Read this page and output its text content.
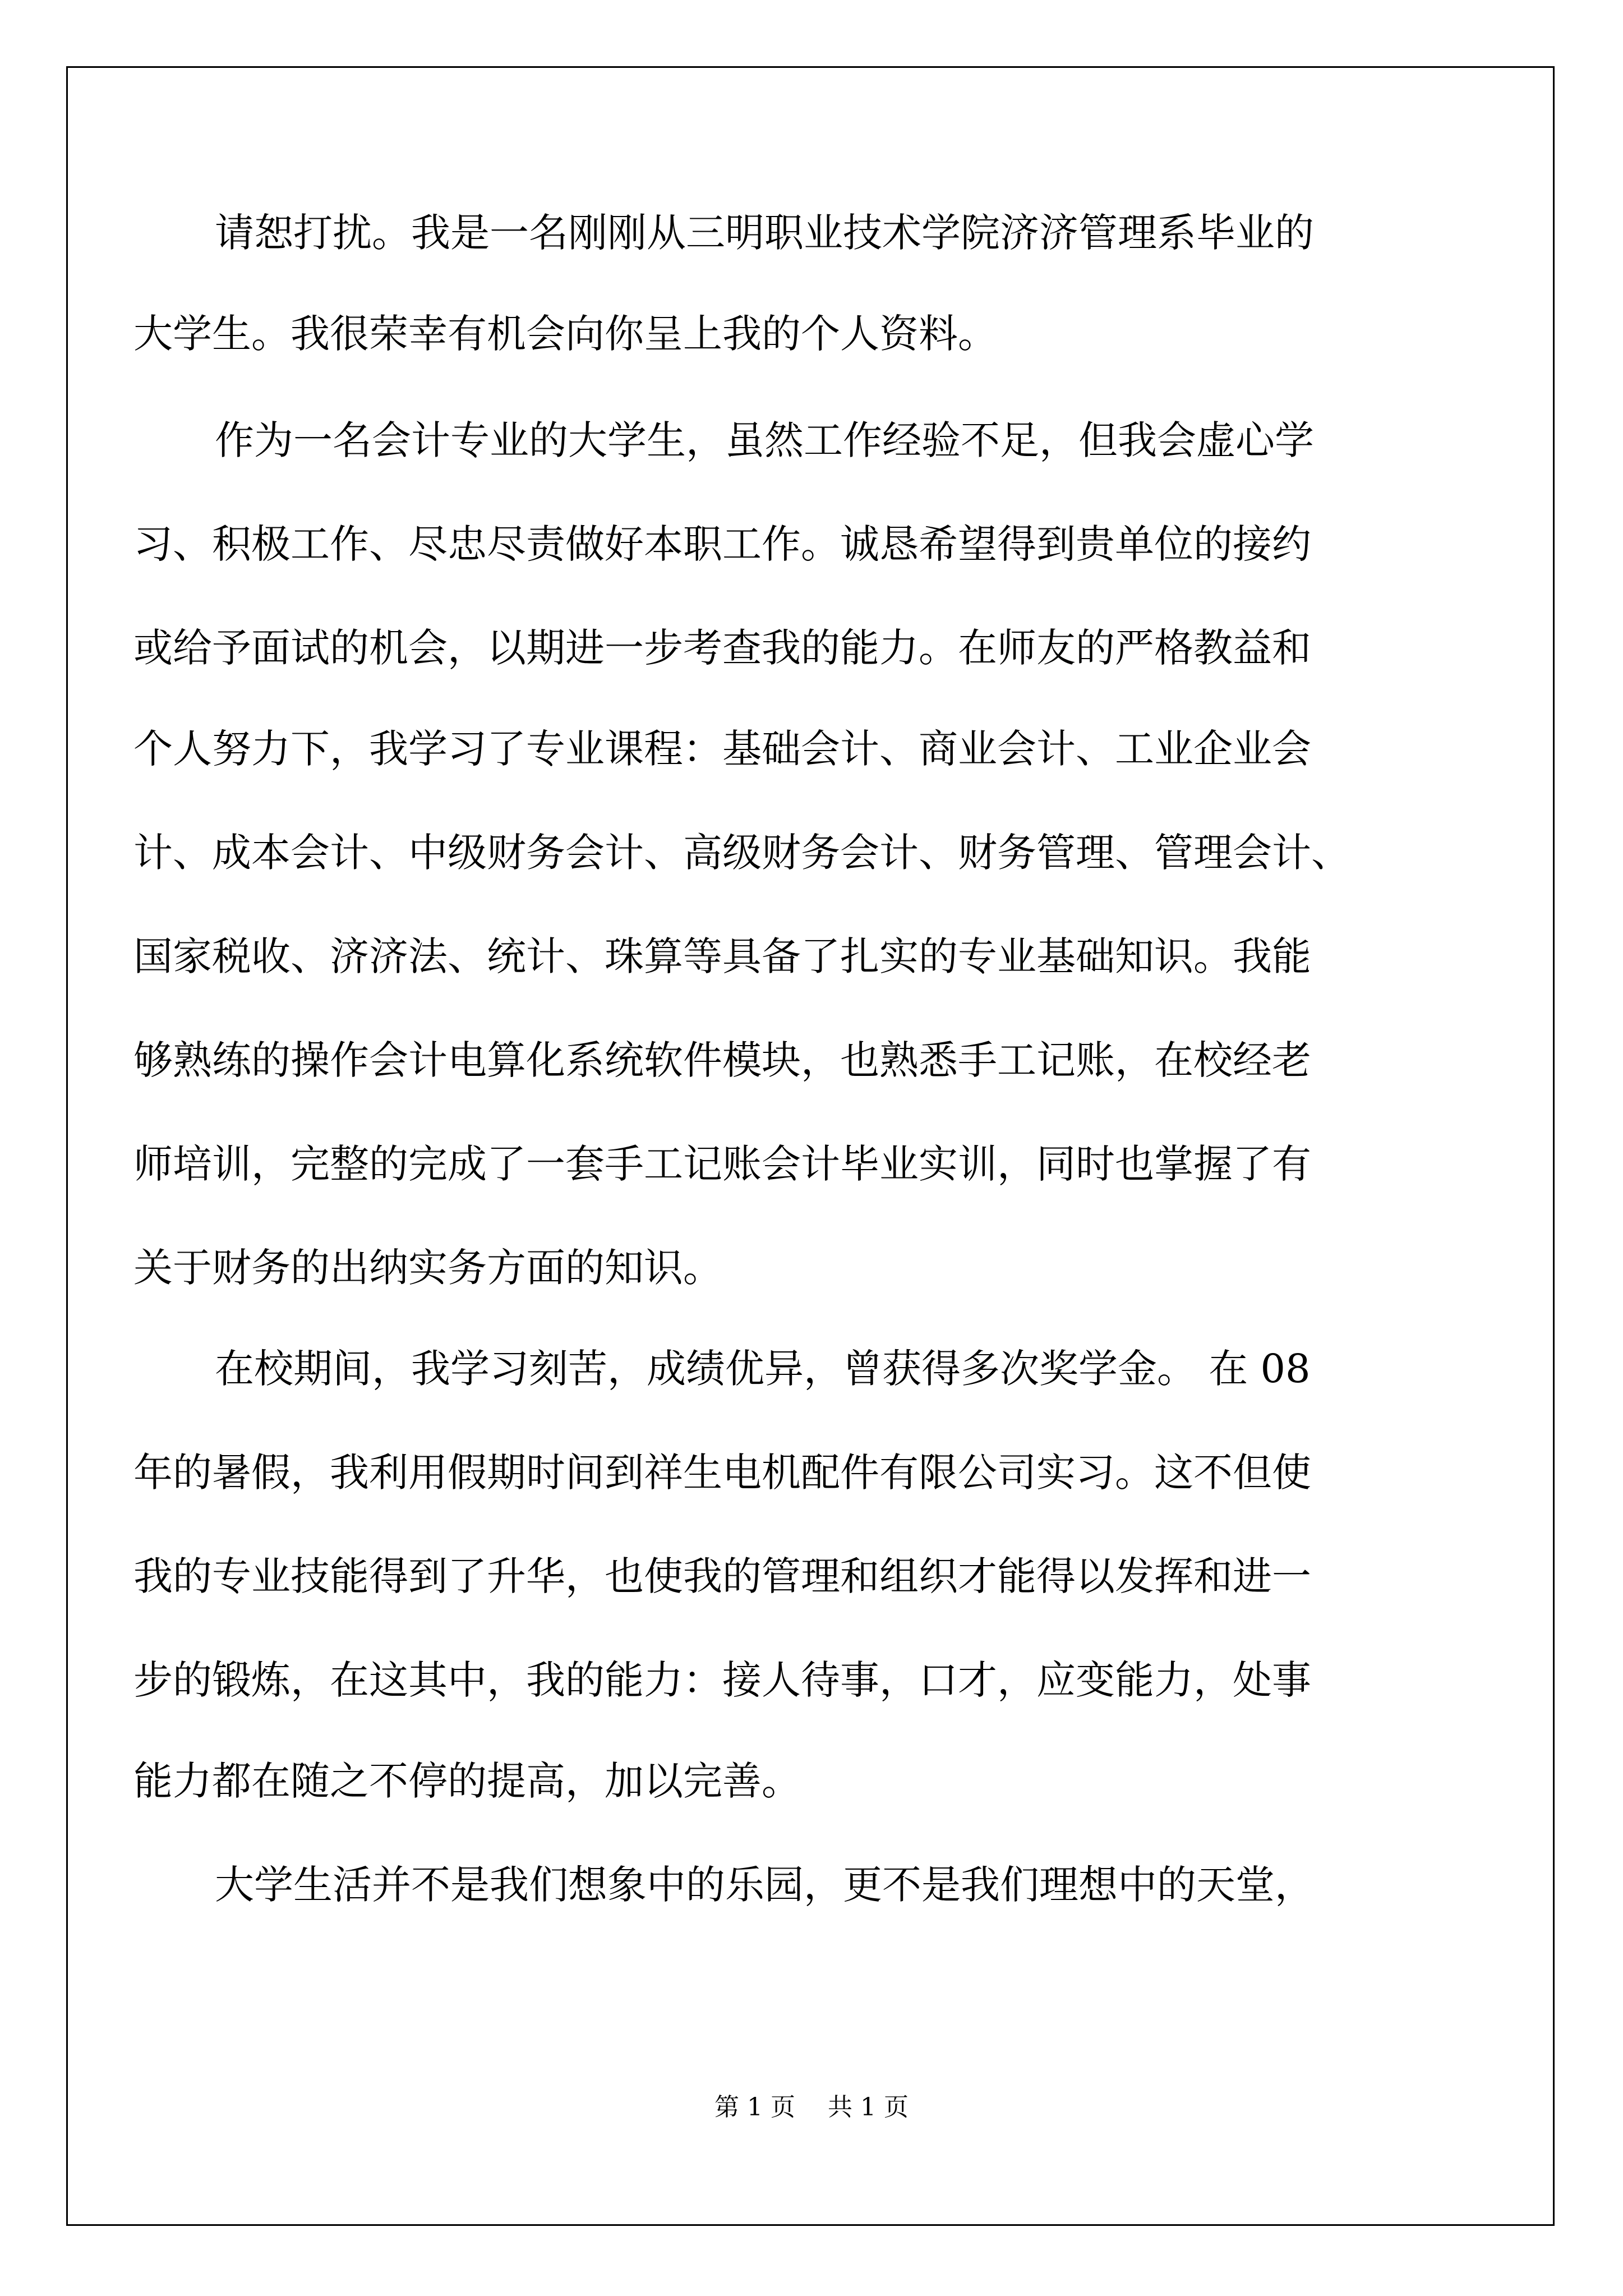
请恕打扰。我是一名刚刚从三明职业技术学院济济管理系毕业的
大学生。我很荣幸有机会向你呈上我的个人资料。
作为一名会计专业的大学生，虽然工作经验不足，但我会虚心学
习、积极工作、尽忠尽责做好本职工作。诚恳希望得到贵单位的接约
或给予面试的机会，以期进一步考查我的能力。在师友的严格教益和
个人努力下，我学习了专业课程：基础会计、商业会计、工业企业会
计、成本会计、中级财务会计、高级财务会计、财务管理、管理会计、
国家税收、济济法、统计、珠算等具备了扎实的专业基础知识。我能
够熟练的操作会计电算化系统软件模块，也熟悉手工记账，在校经老
师培训，完整的完成了一套手工记账会计毕业实训，同时也掌握了有
关于财务的出纳实务方面的知识。
在校期间，我学习刻苦，成绩优异，曾获得多次奖学金。 在 08
年的暑假，我利用假期时间到祥生电机配件有限公司实习。这不但使
我的专业技能得到了升华，也使我的管理和组织才能得以发挥和进一
步的锻炼，在这其中，我的能力：接人待事，口才，应变能力，处事
能力都在随之不停的提高，加以完善。
大学生活并不是我们想象中的乐园，更不是我们理想中的天堂，
第 1 页　 共 1 页
